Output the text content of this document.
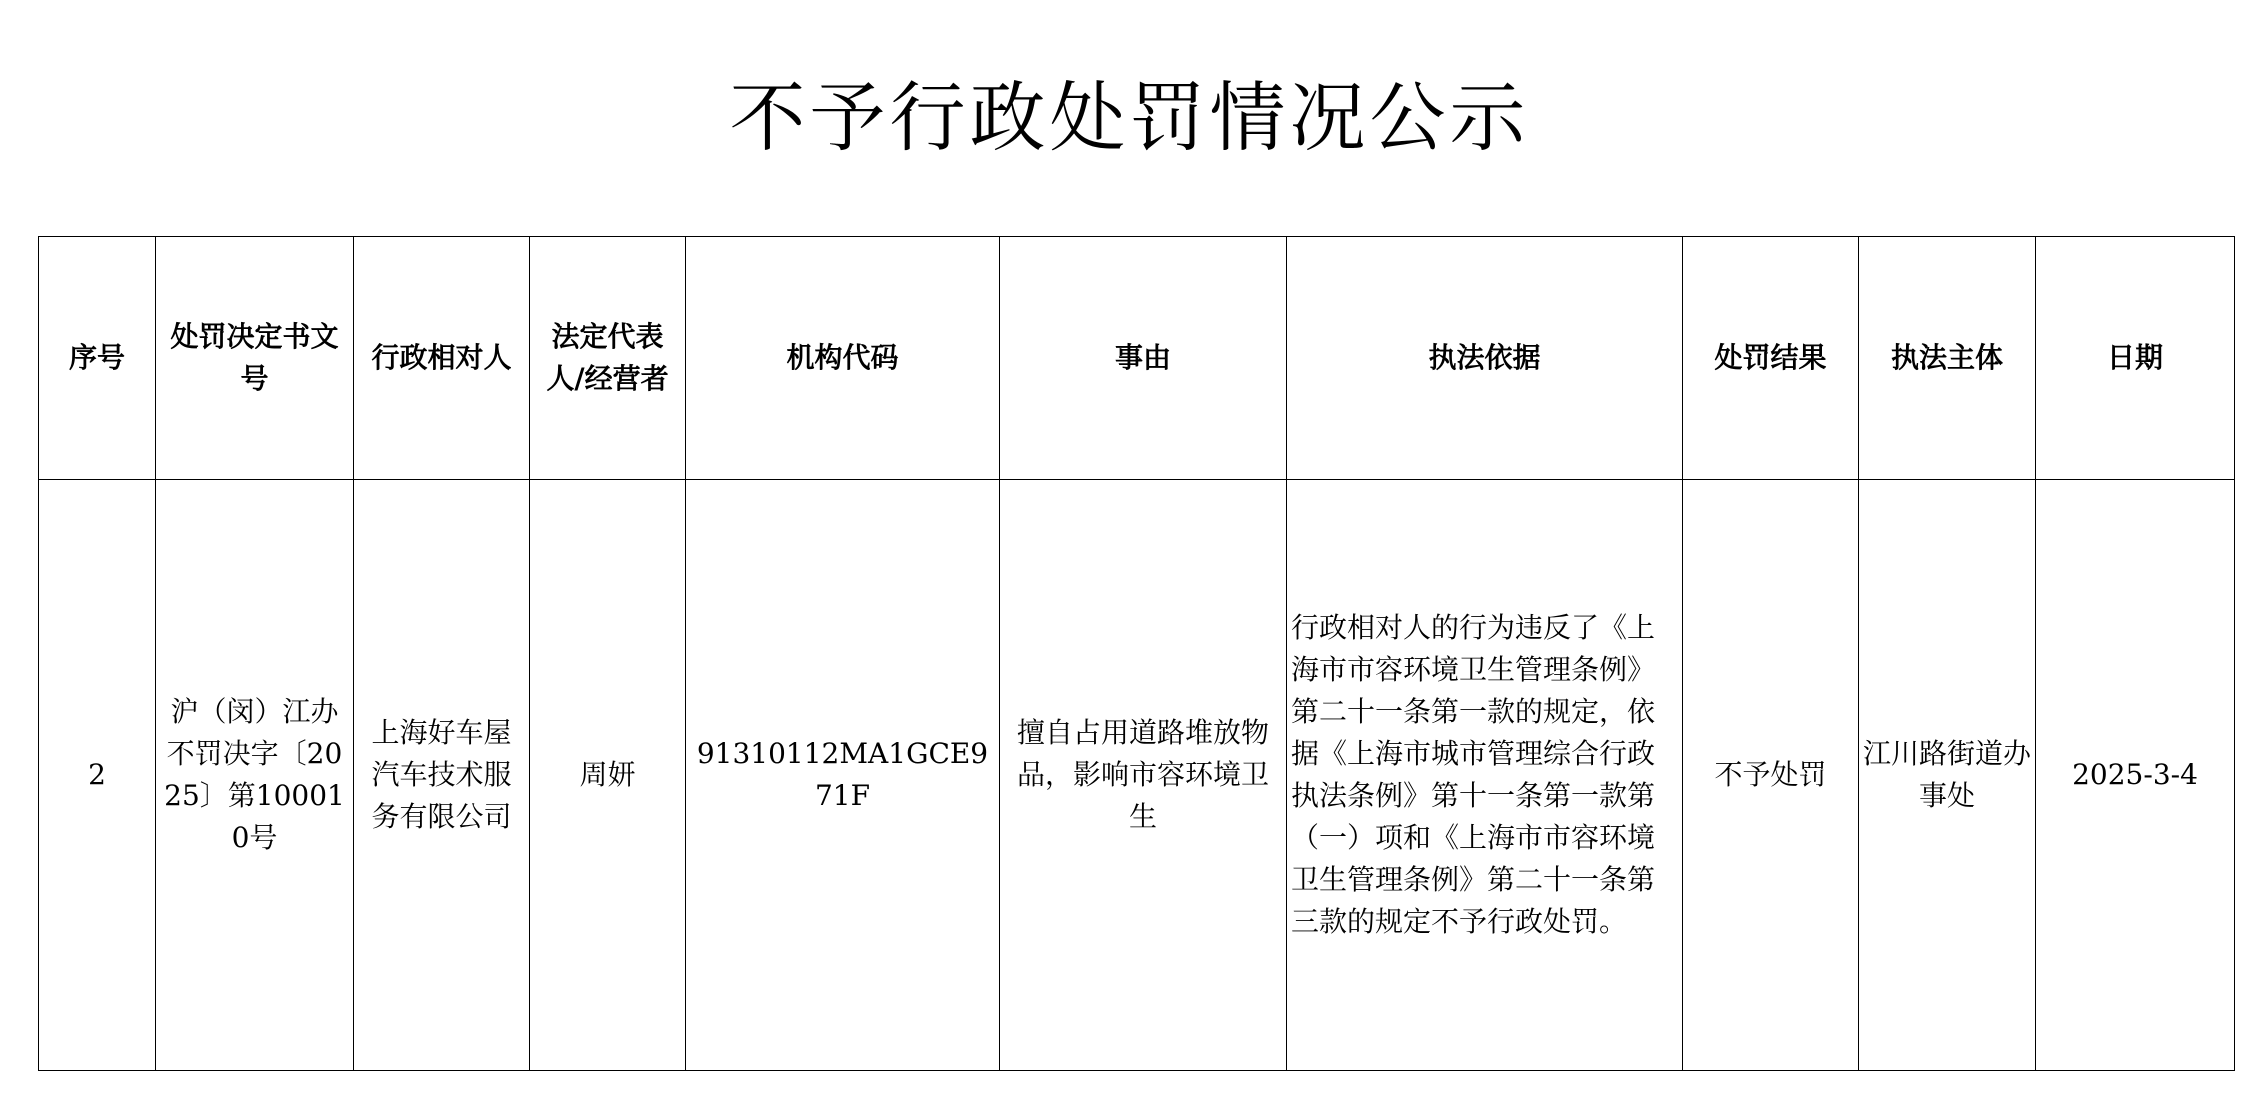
不予行政处罚情况公示
序号	处罚决定书文号	行政相对人	法定代表人/经营者	机构代码	事由	执法依据	处罚结果	执法主体	日期
2	沪（闵）江办不罚决字〔2025〕第100010号	上海好车屋汽车技术服务有限公司	周妍	91310112MA1GCE971F	擅自占用道路堆放物品，影响市容环境卫生	行政相对人的行为违反了《上海市市容环境卫生管理条例》第二十一条第一款的规定，依据《上海市城市管理综合行政执法条例》第十一条第一款第（一）项和《上海市市容环境卫生管理条例》第二十一条第三款的规定不予行政处罚。	不予处罚	江川路街道办事处	2025-3-4
